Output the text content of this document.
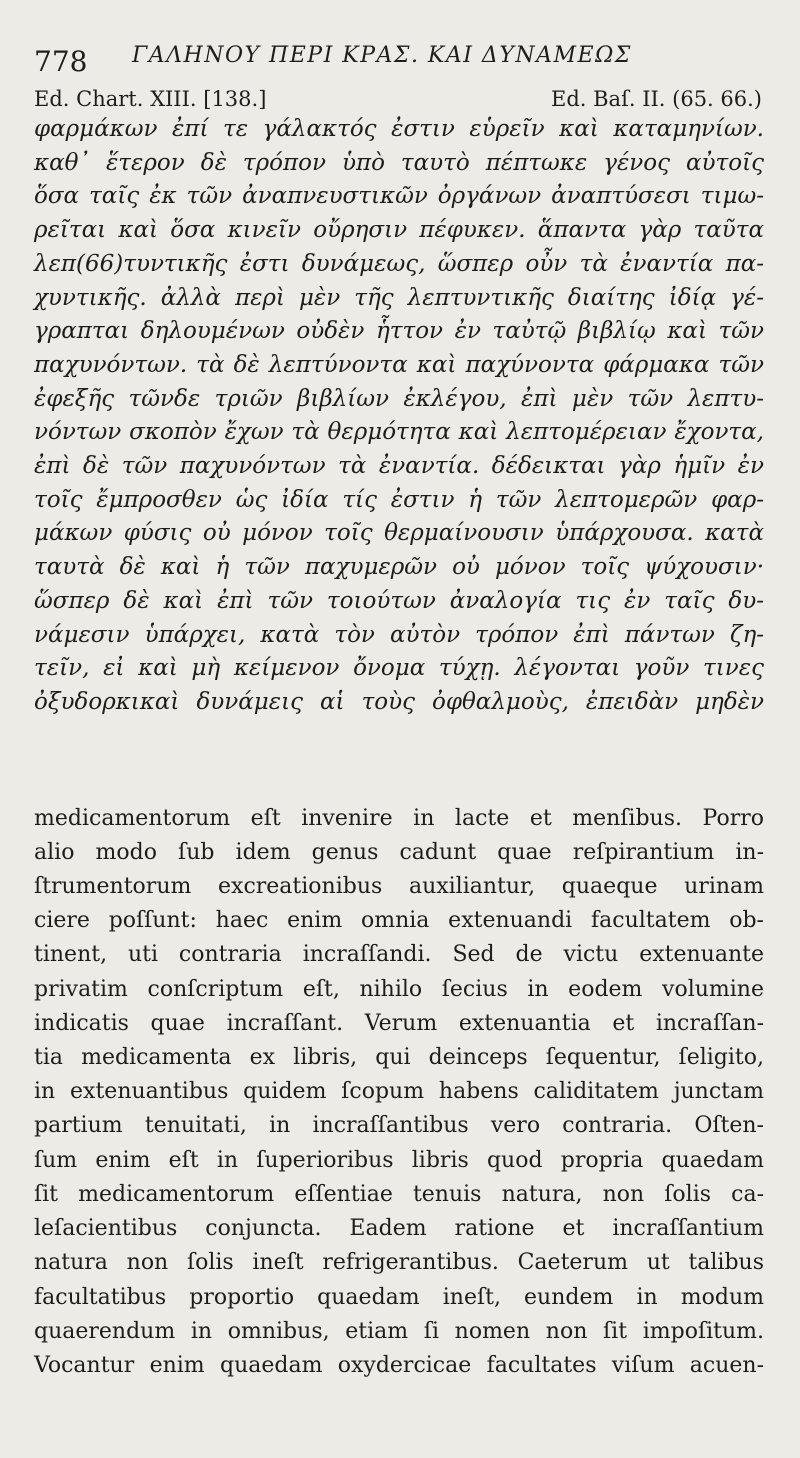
778 ΓΑΛΗΝΟΥ ΠΕΡΙ ΚΡΑΣ. ΚΑΙ ΔΥΝΑΜΕΩΣ
Ed. Chart. XIII. [138.]	Ed. Baſ. II. (65. 66.)
φαρμάκων ἐπί τε γάλακτός ἐστιν εὑρεῖν καὶ καταμηνίων.
καθ᾽ ἕτερον δὲ τρόπον ὑπὸ ταυτὸ πέπτωκε γένος αὐτοῖς
ὅσα ταῖς ἐκ τῶν ἀναπνευστικῶν ὀργάνων ἀναπτύσεσι τιμω-
ρεῖται καὶ ὅσα κινεῖν οὔρησιν πέφυκεν. ἅπαντα γὰρ ταῦτα
λεπ(66)τυντικῆς ἐστι δυνάμεως, ὥσπερ οὖν τὰ ἐναντία πα-
χυντικῆς. ἀλλὰ περὶ μὲν τῆς λεπτυντικῆς διαίτης ἰδίᾳ γέ-
γραπται δηλουμένων οὐδὲν ἧττον ἐν ταὐτῷ βιβλίῳ καὶ τῶν
παχυνόντων. τὰ δὲ λεπτύνοντα καὶ παχύνοντα φάρμακα τῶν
ἐφεξῆς τῶνδε τριῶν βιβλίων ἐκλέγου, ἐπὶ μὲν τῶν λεπτυ-
νόντων σκοπὸν ἔχων τὰ θερμότητα καὶ λεπτομέρειαν ἔχοντα,
ἐπὶ δὲ τῶν παχυνόντων τὰ ἐναντία. δέδεικται γὰρ ἡμῖν ἐν
τοῖς ἔμπροσθεν ὡς ἰδία τίς ἐστιν ἡ τῶν λεπτομερῶν φαρ-
μάκων φύσις οὐ μόνον τοῖς θερμαίνουσιν ὑπάρχουσα. κατὰ
ταυτὰ δὲ καὶ ἡ τῶν παχυμερῶν οὐ μόνον τοῖς ψύχουσιν·
ὥσπερ δὲ καὶ ἐπὶ τῶν τοιούτων ἀναλογία τις ἐν ταῖς δυ-
νάμεσιν ὑπάρχει, κατὰ τὸν αὐτὸν τρόπον ἐπὶ πάντων ζη-
τεῖν, εἰ καὶ μὴ κείμενον ὄνομα τύχῃ. λέγονται γοῦν τινες
ὀξυδορκικαὶ δυνάμεις αἱ τοὺς ὀφθαλμοὺς, ἐπειδὰν μηδὲν
medicamentorum eſt invenire in lacte et menſibus. Porro
alio modo ſub idem genus cadunt quae reſpirantium in-
ſtrumentorum excreationibus auxiliantur, quaeque urinam
ciere poſſunt: haec enim omnia extenuandi facultatem ob-
tinent, uti contraria incraſſandi. Sed de victu extenuante
privatim conſcriptum eſt, nihilo ſecius in eodem volumine
indicatis quae incraſſant. Verum extenuantia et incraſſan-
tia medicamenta ex libris, qui deinceps ſequentur, ſeligito,
in extenuantibus quidem ſcopum habens caliditatem junctam
partium tenuitati, in incraſſantibus vero contraria. Oſten-
ſum enim eſt in ſuperioribus libris quod propria quaedam
ſit medicamentorum eſſentiae tenuis natura, non ſolis ca-
leſacientibus conjuncta. Eadem ratione et incraſſantium
natura non ſolis ineſt refrigerantibus. Caeterum ut talibus
facultatibus proportio quaedam ineſt, eundem in modum
quaerendum in omnibus, etiam ſi nomen non ſit impoſitum.
Vocantur enim quaedam oxydercicae facultates viſum acuen-
